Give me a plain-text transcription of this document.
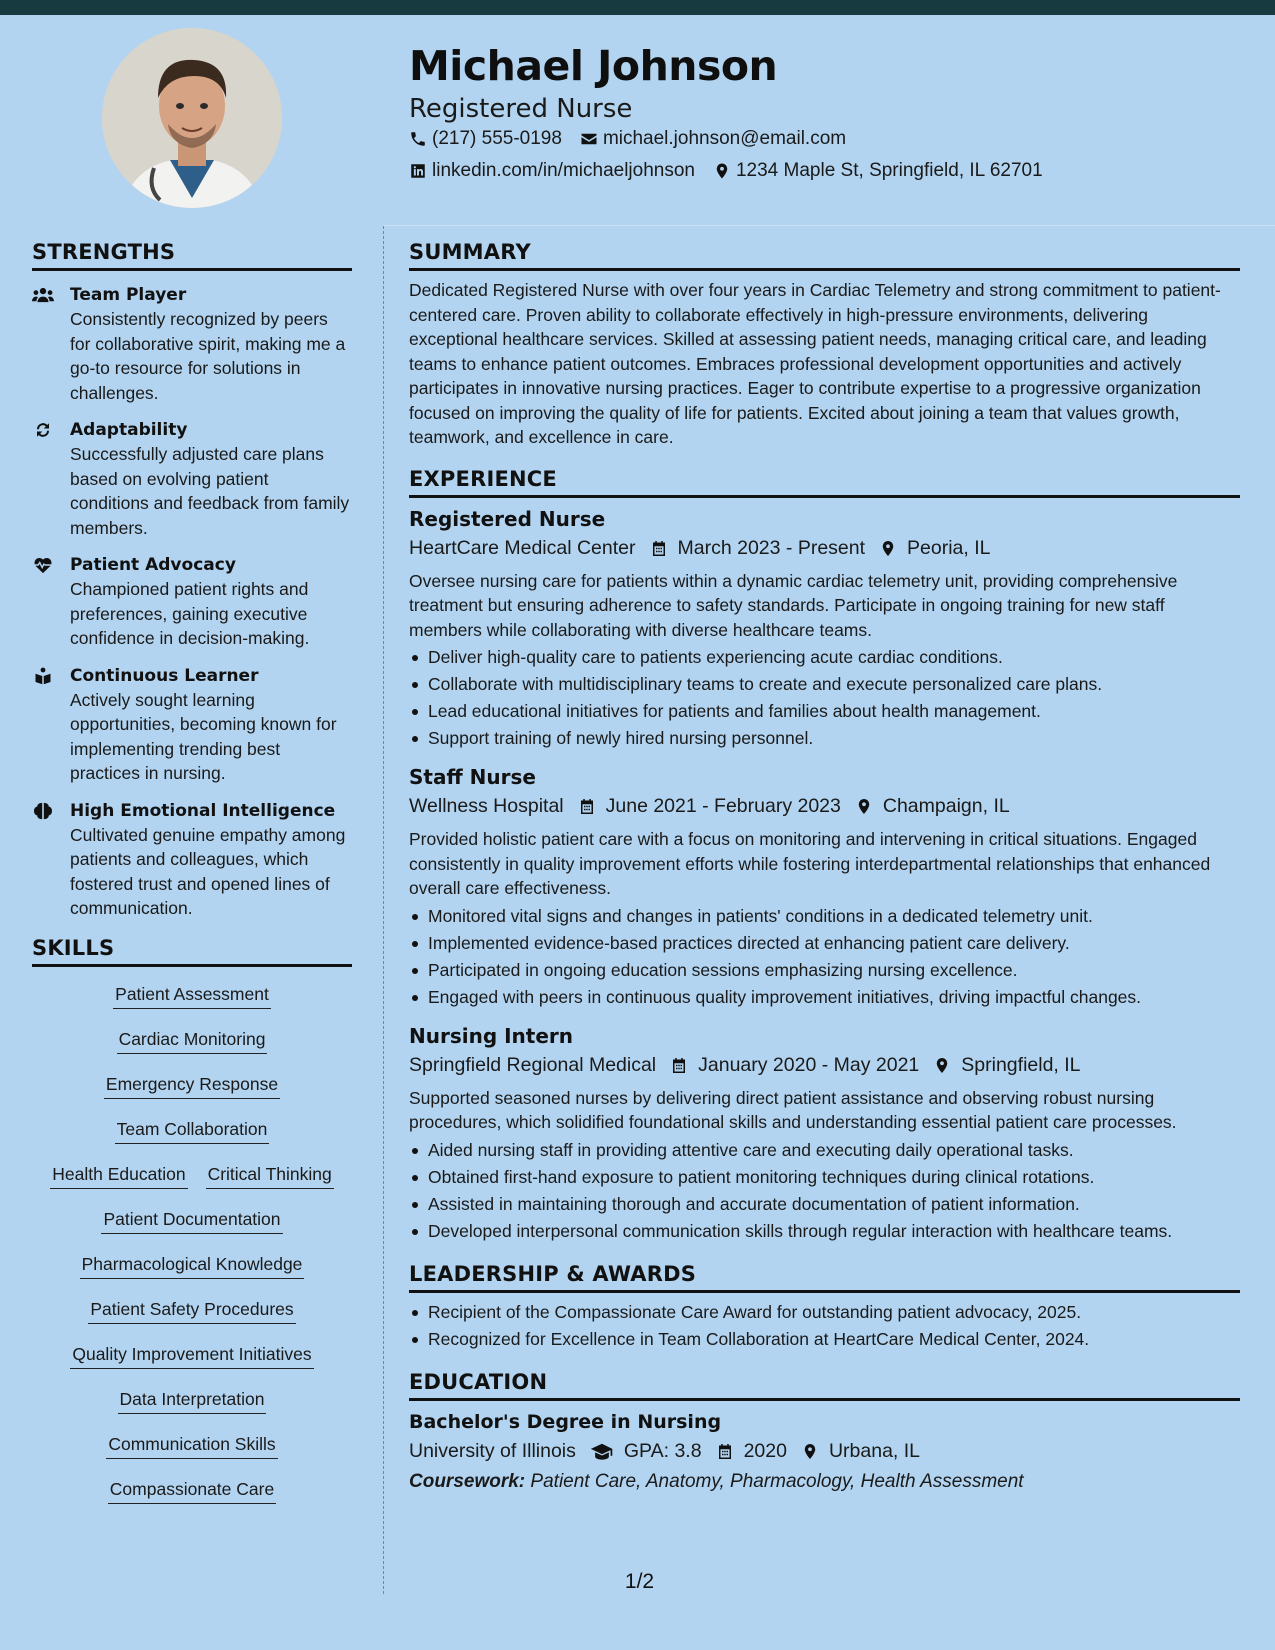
Michael Johnson
Registered Nurse
(217) 555-0198 michael.johnson@email.com
linkedin.com/in/michaeljohnson 1234 Maple St, Springfield, IL 62701
STRENGTHS
Team Player
Consistently recognized by peers for collaborative spirit, making me a go-to resource for solutions in challenges.
Adaptability
Successfully adjusted care plans based on evolving patient conditions and feedback from family members.
Patient Advocacy
Championed patient rights and preferences, gaining executive confidence in decision-making.
Continuous Learner
Actively sought learning opportunities, becoming known for implementing trending best practices in nursing.
High Emotional Intelligence
Cultivated genuine empathy among patients and colleagues, which fostered trust and opened lines of communication.
SKILLS
Patient Assessment
Cardiac Monitoring
Emergency Response
Team Collaboration
Health Education Critical Thinking
Patient Documentation
Pharmacological Knowledge
Patient Safety Procedures
Quality Improvement Initiatives
Data Interpretation
Communication Skills
Compassionate Care
SUMMARY
Dedicated Registered Nurse with over four years in Cardiac Telemetry and strong commitment to patient-centered care. Proven ability to collaborate effectively in high-pressure environments, delivering exceptional healthcare services. Skilled at assessing patient needs, managing critical care, and leading teams to enhance patient outcomes. Embraces professional development opportunities and actively participates in innovative nursing practices. Eager to contribute expertise to a progressive organization focused on improving the quality of life for patients. Excited about joining a team that values growth, teamwork, and excellence in care.
EXPERIENCE
Registered Nurse
HeartCare Medical Center March 2023 - Present Peoria, IL
Oversee nursing care for patients within a dynamic cardiac telemetry unit, providing comprehensive treatment but ensuring adherence to safety standards. Participate in ongoing training for new staff members while collaborating with diverse healthcare teams.
Deliver high-quality care to patients experiencing acute cardiac conditions.
Collaborate with multidisciplinary teams to create and execute personalized care plans.
Lead educational initiatives for patients and families about health management.
Support training of newly hired nursing personnel.
Staff Nurse
Wellness Hospital June 2021 - February 2023 Champaign, IL
Provided holistic patient care with a focus on monitoring and intervening in critical situations. Engaged consistently in quality improvement efforts while fostering interdepartmental relationships that enhanced overall care effectiveness.
Monitored vital signs and changes in patients' conditions in a dedicated telemetry unit.
Implemented evidence-based practices directed at enhancing patient care delivery.
Participated in ongoing education sessions emphasizing nursing excellence.
Engaged with peers in continuous quality improvement initiatives, driving impactful changes.
Nursing Intern
Springfield Regional Medical January 2020 - May 2021 Springfield, IL
Supported seasoned nurses by delivering direct patient assistance and observing robust nursing procedures, which solidified foundational skills and understanding essential patient care processes.
Aided nursing staff in providing attentive care and executing daily operational tasks.
Obtained first-hand exposure to patient monitoring techniques during clinical rotations.
Assisted in maintaining thorough and accurate documentation of patient information.
Developed interpersonal communication skills through regular interaction with healthcare teams.
LEADERSHIP & AWARDS
Recipient of the Compassionate Care Award for outstanding patient advocacy, 2025.
Recognized for Excellence in Team Collaboration at HeartCare Medical Center, 2024.
EDUCATION
Bachelor's Degree in Nursing
University of Illinois GPA: 3.8 2020 Urbana, IL
Coursework: Patient Care, Anatomy, Pharmacology, Health Assessment
1/2
